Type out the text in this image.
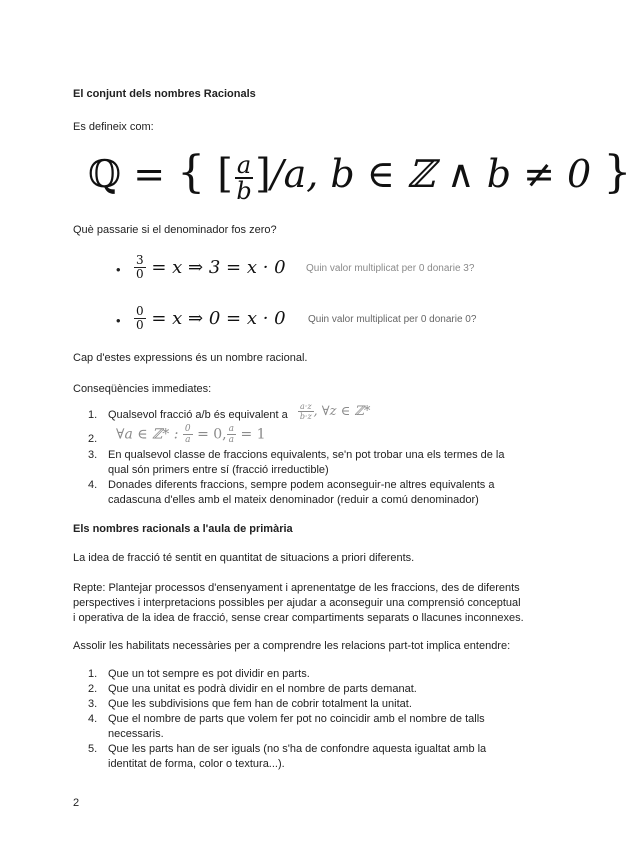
El conjunt dels nombres Racionals
Es defineix com:
ℚ = { [ $\frac{a}{b} ]/a$, b ∈ ℤ ∧ b ≠ 0 }
Què passarie si el denominador fos zero?
• $\frac{3}{0} = x$ ⇒ 3 = x · 0 Quin valor multiplicat per 0 donarie 3?
• $\frac{0}{0} = x$ ⇒ 0 = x · 0 Quin valor multiplicat per 0 donarie 0?
Cap d'estes expressions és un nombre racional.
Conseqüències immediates:
1. Qualsevol fracció a/b és equivalent a $\frac{a\cdot z}{b\cdot z}$ , ∀z ∈ ℤ*
2. ∀a ∈ ℤ* : $\frac{0}{a} = 0$, $\frac{a}{a} = 1$
3. En qualsevol classe de fraccions equivalents, se'n pot trobar una els termes de la
qual són primers entre sí (fracció irreductible)
4. Donades diferents fraccions, sempre podem aconseguir-ne altres equivalents a
cadascuna d'elles amb el mateix denominador (reduir a comú denominador)
Els nombres racionals a l'aula de primària
La idea de fracció té sentit en quantitat de situacions a priori diferents.
Repte: Plantejar processos d'ensenyament i aprenentatge de les fraccions, des de diferents
perspectives i interpretacions possibles per ajudar a aconseguir una comprensió conceptual
i operativa de la idea de fracció, sense crear compartiments separats o llacunes inconnexes.
Assolir les habilitats necessàries per a comprendre les relacions part-tot implica entendre:
1. Que un tot sempre es pot dividir en parts.
2. Que una unitat es podrà dividir en el nombre de parts demanat.
3. Que les subdivisions que fem han de cobrir totalment la unitat.
4. Que el nombre de parts que volem fer pot no coincidir amb el nombre de talls
necessaris.
5. Que les parts han de ser iguals (no s'ha de confondre aquesta igualtat amb la
identitat de forma, color o textura...).
2
